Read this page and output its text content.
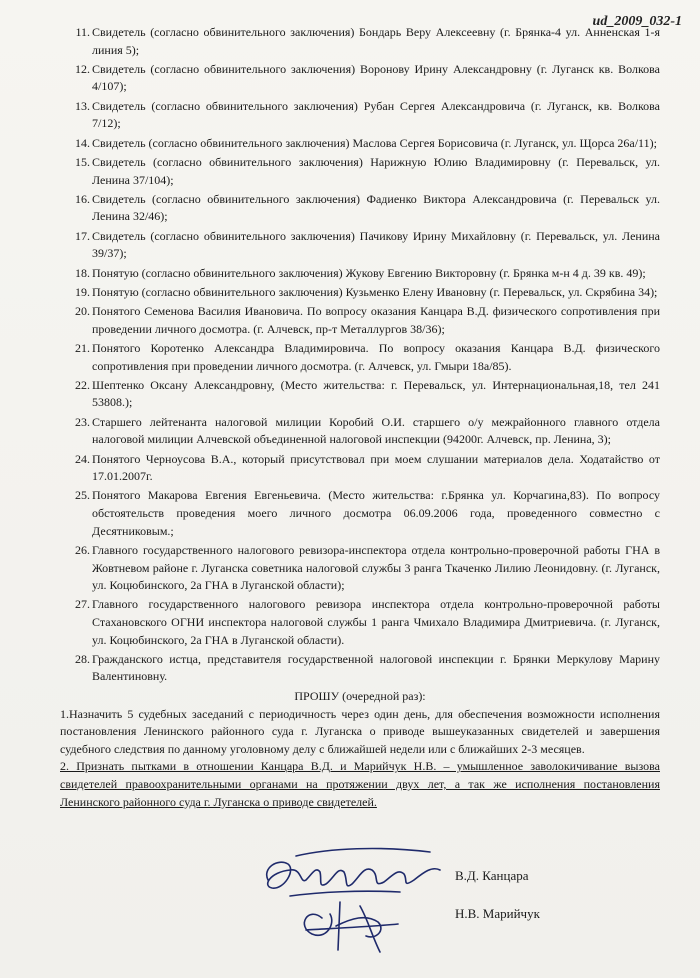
ud_2009_032-1
11 . Свидетель (согласно обвинительного заключения) Бондарь Веру Алексеевну (г. Брянка-4 ул. Анненская 1-я линия 5);
12 . Свидетель (согласно обвинительного заключения) Воронову Ирину Александровну (г. Луганск кв. Волкова 4/107);
13 . Свидетель (согласно обвинительного заключения) Рубан Сергея Александровича (г. Луганск, кв. Волкова 7/12);
14 . Свидетель (согласно обвинительного заключения) Маслова Сергея Борисовича (г. Луганск, ул. Щорса 26а/11);
15 . Свидетель (согласно обвинительного заключения) Нарижную Юлию Владимировну (г. Перевальск, ул. Ленина 37/104);
16 . Свидетель (согласно обвинительного заключения) Фадиенко Виктора Александровича (г. Перевальск ул. Ленина 32/46);
17 . Свидетель (согласно обвинительного заключения) Пачикову Ирину Михайловну (г. Перевальск, ул. Ленина 39/37);
18 . Понятую (согласно обвинительного заключения) Жукову Евгению Викторовну (г. Брянка м-н 4 д. 39 кв. 49);
19 . Понятую (согласно обвинительного заключения) Кузьменко Елену Ивановну (г. Перевальск, ул. Скрябина 34);
20 . Понятого Семенова Василия Ивановича. По вопросу оказания Канцара В.Д. физического сопротивления при проведении личного досмотра. (г. Алчевск, пр-т Металлургов 38/36);
21 . Понятого Коротенко Александра Владимировича. По вопросу оказания Канцара В.Д. физического сопротивления при проведении личного досмотра. (г. Алчевск, ул. Гмыри 18а/85).
22 . Шептенко Оксану Александровну, (Место жительства: г. Перевальск, ул. Интернациональная,18, тел 241 53808.);
23 . Старшего лейтенанта налоговой милиции Коробий О.И. старшего о/у межрайонного главного отдела налоговой милиции Алчевской объединенной налоговой инспекции (94200г. Алчевск, пр. Ленина, 3);
24 . Понятого Черноусова В.А., который присутствовал при моем слушании материалов дела. Ходатайство от 17.01.2007г.
25 . Понятого Макарова Евгения Евгеньевича. (Место жительства: г.Брянка ул. Корчагина,83). По вопросу обстоятельств проведения моего личного досмотра 06.09.2006 года, проведенного совместно с Десятниковым.;
26 . Главного государственного налогового ревизора-инспектора отдела контрольно-проверочной работы ГНА в Жовтневом районе г. Луганска советника налоговой службы 3 ранга Ткаченко Лилию Леонидовну. (г. Луганск, ул. Коцюбинского, 2а ГНА в Луганской области);
27 . Главного государственного налогового ревизора инспектора отдела контрольно-проверочной работы Стахановского ОГНИ инспектора налоговой службы 1 ранга Чмихало Владимира Дмитриевича. (г. Луганск, ул. Коцюбинского, 2а ГНА в Луганской области).
28 . Гражданского истца, представителя государственной налоговой инспекции г. Брянки Меркулову Марину Валентиновну.
ПРОШУ (очередной раз):

1.Назначить 5 судебных заседаний с периодичность через один день, для обеспечения возможности исполнения постановления Ленинского районного суда г. Луганска о приводе вышеуказанных свидетелей и завершения судебного следствия по данному уголовному делу с ближайшей недели или с ближайших 2-3 месяцев.

2. Признать пытками в отношении Канцара В.Д. и Марийчук Н.В. – умышленное заволокичивание вызова свидетелей правоохранительными органами на протяжении двух лет, а так же исполнения постановления Ленинского районного суда г. Луганска о приводе свидетелей.

В.Д. Канцара
Н.В. Марийчук
